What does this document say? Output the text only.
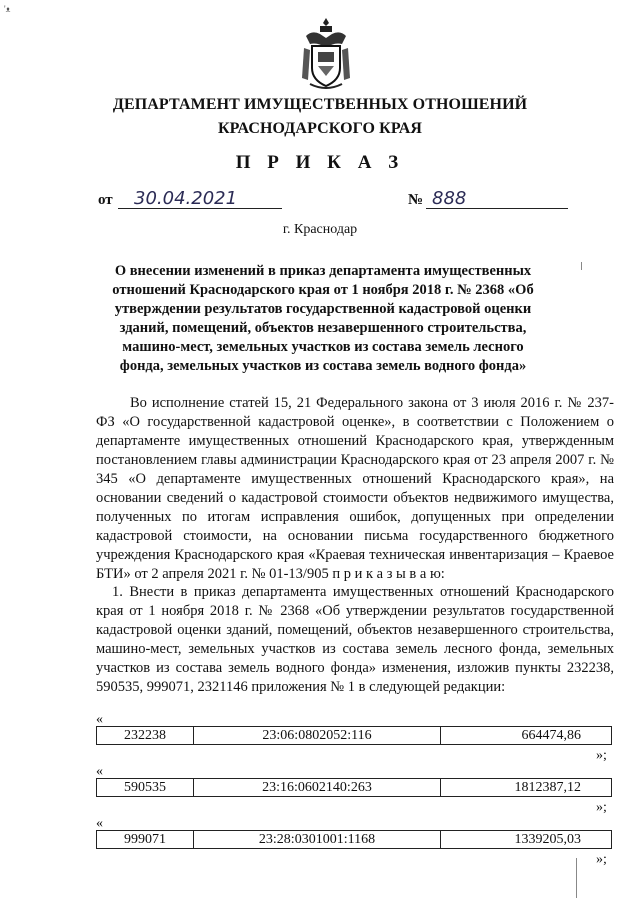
'ᴥ
ДЕПАРТАМЕНТ ИМУЩЕСТВЕННЫХ ОТНОШЕНИЙ
КРАСНОДАРСКОГО КРАЯ
П Р И К А З
от	30.04.2021	№ 888
г. Краснодар
О внесении изменений в приказ департамента имущественных отношений Краснодарского края от 1 ноября 2018 г. № 2368 «Об утверждении результатов государственной кадастровой оценки зданий, помещений, объектов незавершенного строительства, машино-мест, земельных участков из состава земель лесного фонда, земельных участков из состава земель водного фонда»
Во исполнение статей 15, 21 Федерального закона от 3 июля 2016 г. № 237-ФЗ «О государственной кадастровой оценке», в соответствии с Положением о департаменте имущественных отношений Краснодарского края, утвержденным постановлением главы администрации Краснодарского края от 23 апреля 2007 г. № 345 «О департаменте имущественных отношений Краснодарского края», на основании сведений о кадастровой стоимости объектов недвижимого имущества, полученных по итогам исправления ошибок, допущенных при определении кадастровой стоимости, на основании письма государственного бюджетного учреждения Краснодарского края «Краевая техническая инвентаризация – Краевое БТИ» от 2 апреля 2021 г. № 01-13/905 п р и к а з ы в а ю:
1. Внести в приказ департамента имущественных отношений Краснодарского края от 1 ноября 2018 г. № 2368 «Об утверждении результатов государственной кадастровой оценки зданий, помещений, объектов незавершенного строительства, машино-мест, земельных участков из состава земель лесного фонда, земельных участков из состава земель водного фонда» изменения, изложив пункты 232238, 590535, 999071, 2321146 приложения № 1 в следующей редакции:
«
232238	23:06:0802052:116	664474,86
»;
«
590535	23:16:0602140:263	1812387,12
»;
«
999071	23:28:0301001:1168	1339205,03
»;
